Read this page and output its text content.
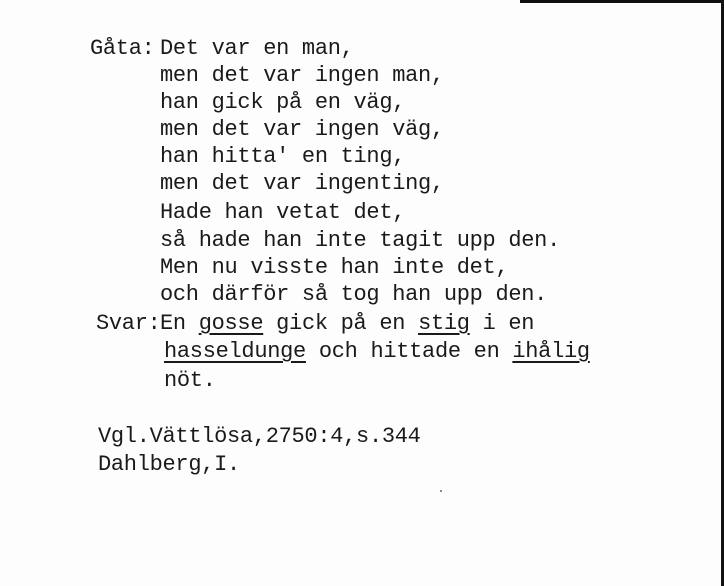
Gåta: Det var en man,
men det var ingen man,
han gick på en väg,
men det var ingen väg,
han hitta' en ting,
men det var ingenting,
Hade han vetat det,
så hade han inte tagit upp den.
Men nu visste han inte det,
och därför så tog han upp den.
Svar: En gosse gick på en stig i en
hasseldunge och hittade en ihålig
nöt.
Vgl.Vättlösa,2750:4,s.344
Dahlberg,I.
